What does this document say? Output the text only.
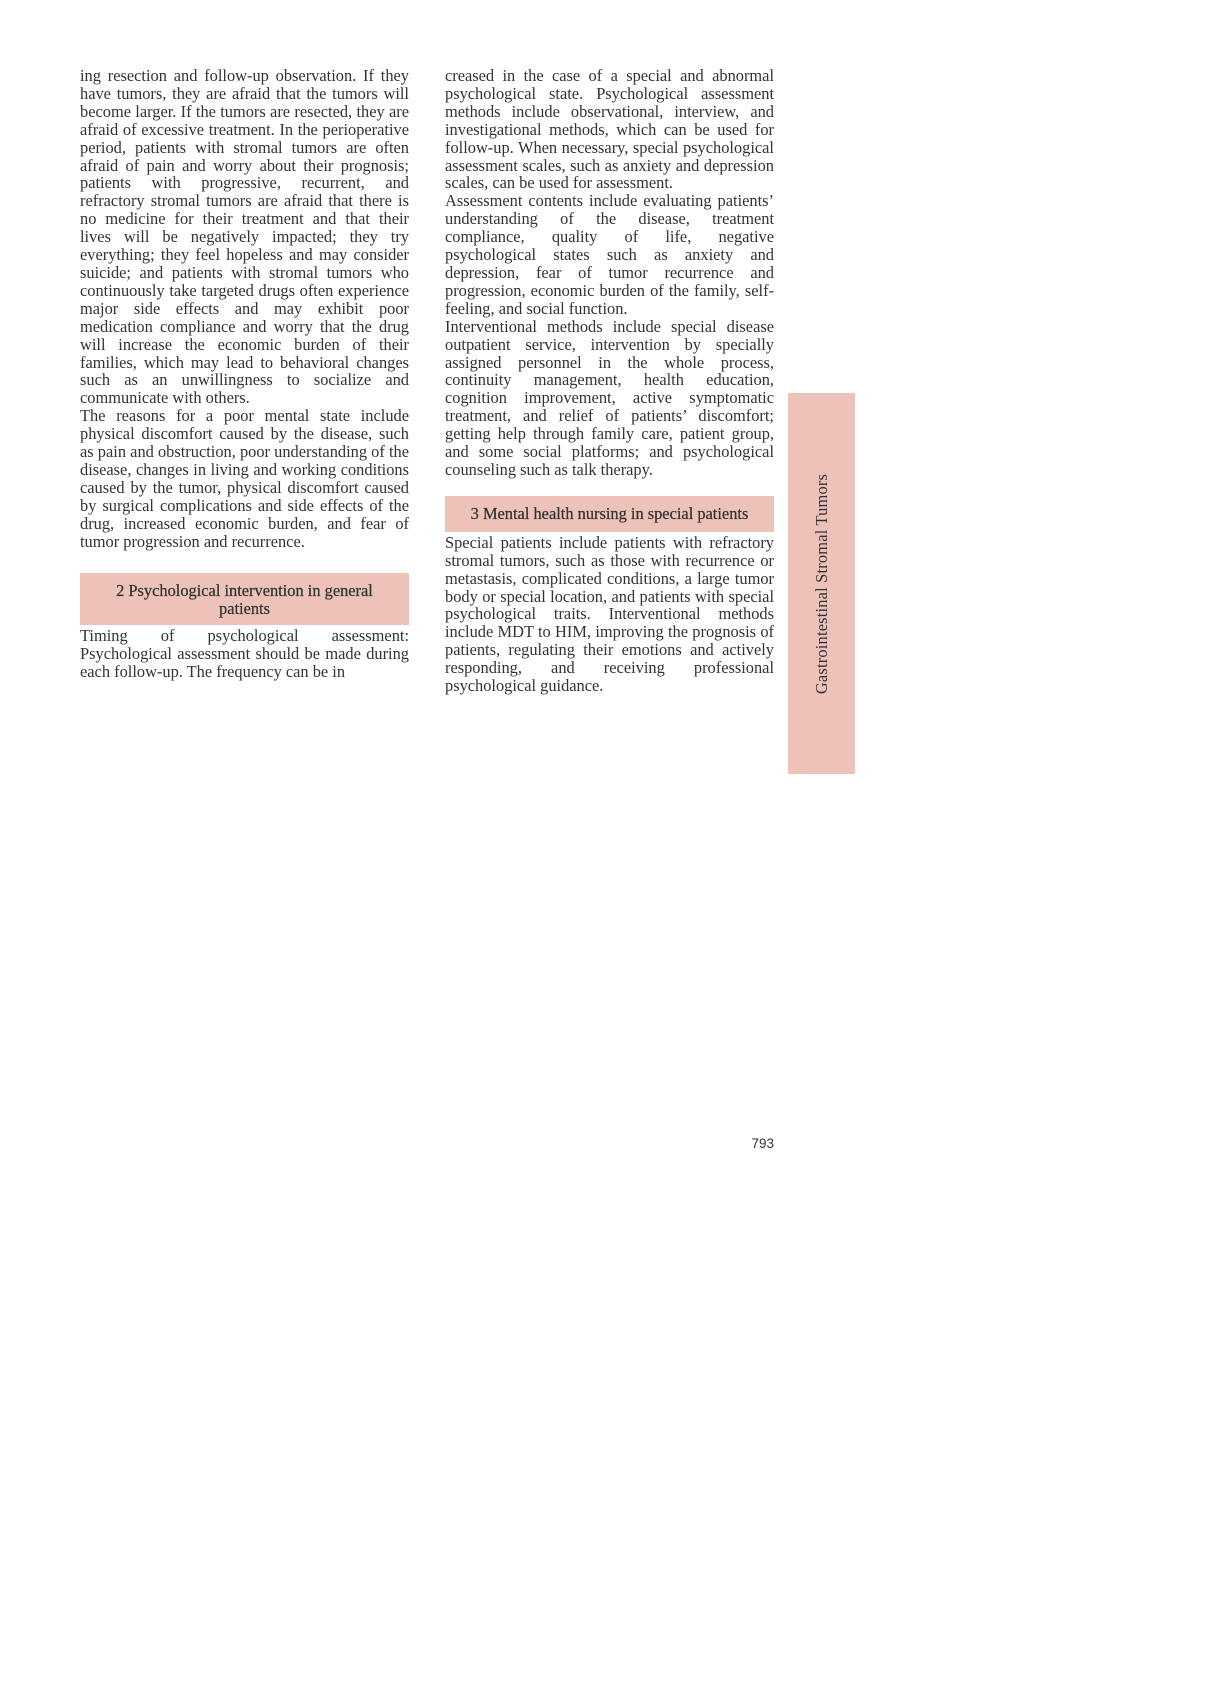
ing resection and follow-up observation. If they have tumors, they are afraid that the tumors will become larger. If the tumors are resected, they are afraid of excessive treatment. In the perioperative period, patients with stromal tumors are often afraid of pain and worry about their prognosis; patients with progressive, recurrent, and refractory stromal tumors are afraid that there is no medicine for their treatment and that their lives will be negatively impacted; they try everything; they feel hopeless and may consider suicide; and patients with stromal tumors who continuously take targeted drugs often experience major side effects and may exhibit poor medication compliance and worry that the drug will increase the economic burden of their families, which may lead to behavioral changes such as an unwillingness to socialize and communicate with others.

The reasons for a poor mental state include physical discomfort caused by the disease, such as pain and obstruction, poor understanding of the disease, changes in living and working conditions caused by the tumor, physical discomfort caused by surgical complications and side effects of the drug, increased economic burden, and fear of tumor progression and recurrence.

2 Psychological intervention in general patients

Timing of psychological assessment: Psychological assessment should be made during each follow-up. The frequency can be in

creased in the case of a special and abnormal psychological state. Psychological assessment methods include observational, interview, and investigational methods, which can be used for follow-up. When necessary, special psychological assessment scales, such as anxiety and depression scales, can be used for assessment.

Assessment contents include evaluating patients’ understanding of the disease, treatment compliance, quality of life, negative psychological states such as anxiety and depression, fear of tumor recurrence and progression, economic burden of the family, self-feeling, and social function.

Interventional methods include special disease outpatient service, intervention by specially assigned personnel in the whole process, continuity management, health education, cognition improvement, active symptomatic treatment, and relief of patients’ discomfort; getting help through family care, patient group, and some social platforms; and psychological counseling such as talk therapy.

3 Mental health nursing in special patients

Special patients include patients with refractory stromal tumors, such as those with recurrence or metastasis, complicated conditions, a large tumor body or special location, and patients with special psychological traits. Interventional methods include MDT to HIM, improving the prognosis of patients, regulating their emotions and actively responding, and receiving professional psychological guidance.	Gastrointestinal Stromal Tumors
793
